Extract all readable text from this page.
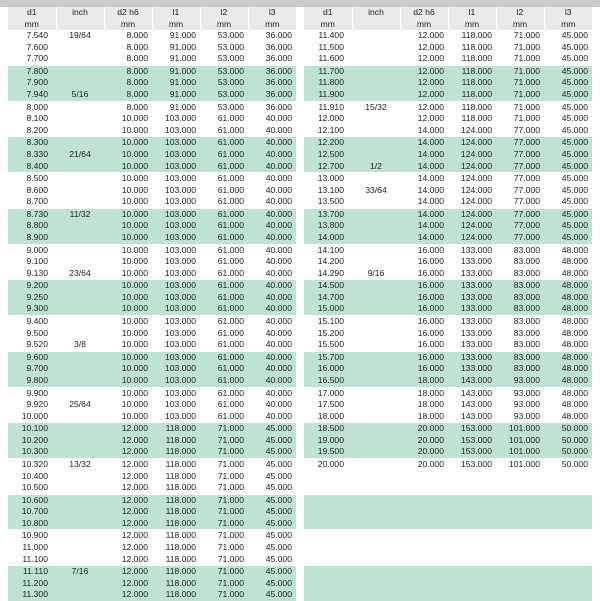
d1	inch	d2 h6	l1	l2	l3
mm		mm	mm	mm	mm
7.540	19/64	8.000	91.000	53.000	36.000
7.600		8.000	91.000	53.000	36.000
7.700		8.000	91.000	53.000	36.000
7.800		8.000	91.000	53.000	36.000
7.900		8.000	91.000	53.000	36.000
7.940	5/16	8.000	91.000	53.000	36.000
8.000		8.000	91.000	53.000	36.000
8.100		10.000	103.000	61.000	40.000
8.200		10.000	103.000	61.000	40.000
8.300		10.000	103.000	61.000	40.000
8.330	21/64	10.000	103.000	61.000	40.000
8.400		10.000	103.000	61.000	40.000
8.500		10.000	103.000	61.000	40.000
8.600		10.000	103.000	61.000	40.000
8.700		10.000	103.000	61.000	40.000
8.730	11/32	10.000	103.000	61.000	40.000
8.800		10.000	103.000	61.000	40.000
8.900		10.000	103.000	61.000	40.000
9.000		10.000	103.000	61.000	40.000
9.100		10.000	103.000	61.000	40.000
9.130	23/64	10.000	103.000	61.000	40.000
9.200		10.000	103.000	61.000	40.000
9.250		10.000	103.000	61.000	40.000
9.300		10.000	103.000	61.000	40.000
9.400		10.000	103.000	61.000	40.000
9.500		10.000	103.000	61.000	40.000
9.520	3/8	10.000	103.000	61.000	40.000
9.600		10.000	103.000	61.000	40.000
9.700		10.000	103.000	61.000	40.000
9.800		10.000	103.000	61.000	40.000
9.900		10.000	103.000	61.000	40.000
9.920	25/64	10.000	103.000	61.000	40.000
10.000		10.000	103.000	61.000	40.000
10.100		12.000	118.000	71.000	45.000
10.200		12.000	118.000	71.000	45.000
10.300		12.000	118.000	71.000	45.000
10.320	13/32	12.000	118.000	71.000	45.000
10.400		12.000	118.000	71.000	45.000
10.500		12.000	118.000	71.000	45.000
10.600		12.000	118.000	71.000	45.000
10.700		12.000	118.000	71.000	45.000
10.800		12.000	118.000	71.000	45.000
10.900		12.000	118.000	71.000	45.000
11.000		12.000	118.000	71.000	45.000
11.100		12.000	118.000	71.000	45.000
11.110	7/16	12.000	118.000	71.000	45.000
11.200		12.000	118.000	71.000	45.000
11.300		12.000	118.000	71.000	45.000
d1	inch	d2 h6	l1	l2	l3
mm		mm	mm	mm	mm
11.400		12.000	118.000	71.000	45.000
11.500		12.000	118.000	71.000	45.000
11.600		12.000	118.000	71.000	45.000
11.700		12.000	118.000	71.000	45.000
11.800		12.000	118.000	71.000	45.000
11.900		12.000	118.000	71.000	45.000
11.910	15/32	12.000	118.000	71.000	45.000
12.000		12.000	118.000	71.000	45.000
12.100		14.000	124.000	77.000	45.000
12.200		14.000	124.000	77.000	45.000
12.500		14.000	124.000	77.000	45.000
12.700	1/2	14.000	124.000	77.000	45.000
13.000		14.000	124.000	77.000	45.000
13.100	33/64	14.000	124.000	77.000	45.000
13.500		14.000	124.000	77.000	45.000
13.700		14.000	124.000	77.000	45.000
13.800		14.000	124.000	77.000	45.000
14.000		14.000	124.000	77.000	45.000
14.100		16.000	133.000	83.000	48.000
14.200		16.000	133.000	83.000	48.000
14.290	9/16	16.000	133.000	83.000	48.000
14.500		16.000	133.000	83.000	48.000
14.700		16.000	133.000	83.000	48.000
15.000		16.000	133.000	83.000	48.000
15.100		16.000	133.000	83.000	48.000
15.200		16.000	133.000	83.000	48.000
15.500		16.000	133.000	83.000	48.000
15.700		16.000	133.000	83.000	48.000
16.000		16.000	133.000	83.000	48.000
16.500		18.000	143.000	93.000	48.000
17.000		18.000	143.000	93.000	48.000
17.500		18.000	143.000	93.000	48.000
18.000		18.000	143.000	93.000	48.000
18.500		20.000	153.000	101.000	50.000
19.000		20.000	153.000	101.000	50.000
19.500		20.000	153.000	101.000	50.000
20.000		20.000	153.000	101.000	50.000
